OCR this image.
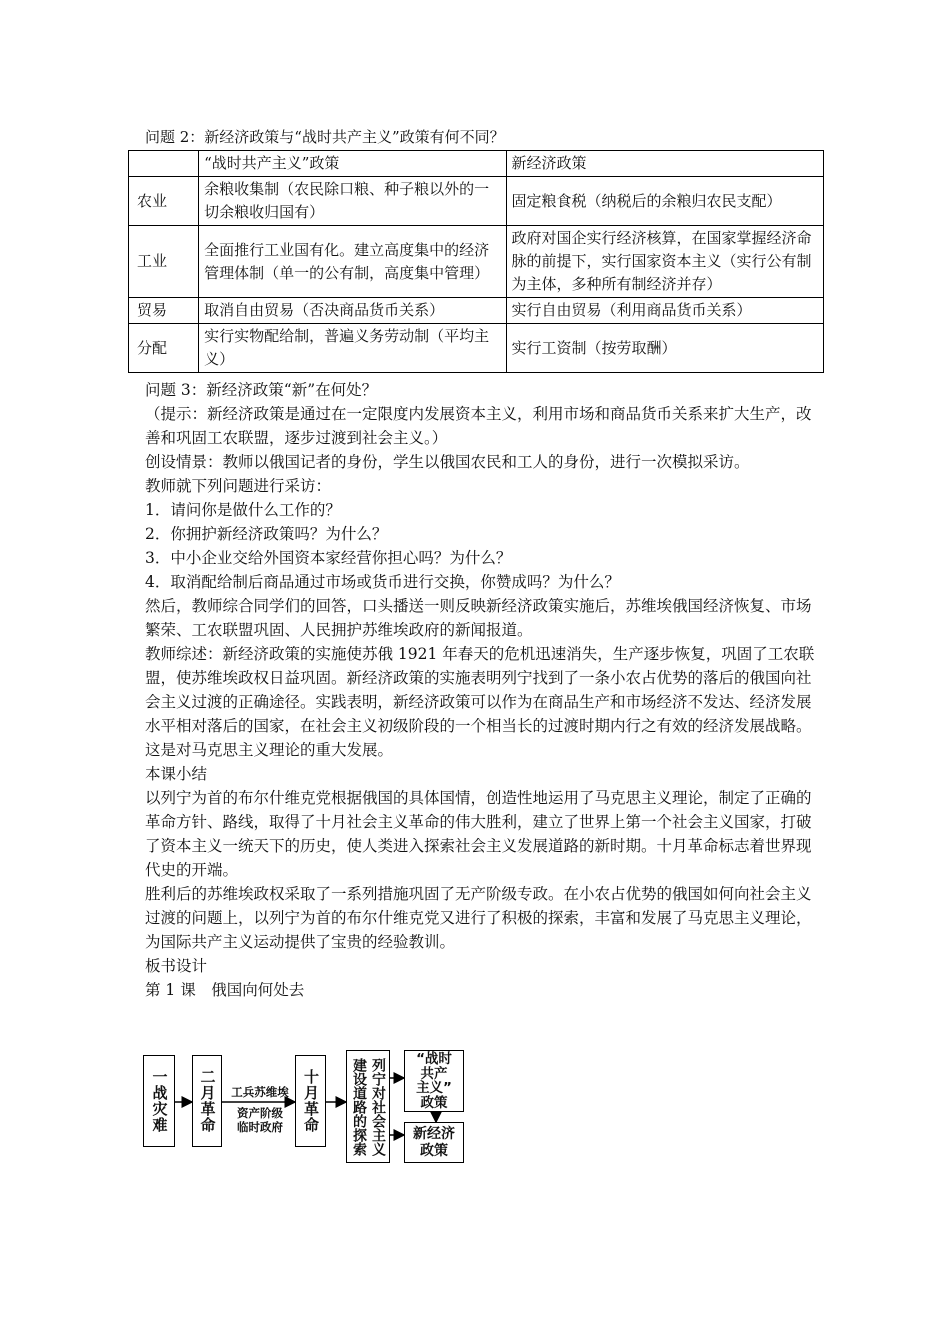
问题 2：新经济政策与“战时共产主义”政策有何不同？
	“战时共产主义”政策	新经济政策
农业	余粮收集制（农民除口粮、种子粮以外的一切余粮收归国有）	固定粮食税（纳税后的余粮归农民支配）
工业	全面推行工业国有化。建立高度集中的经济管理体制（单一的公有制，高度集中管理）	政府对国企实行经济核算，在国家掌握经济命脉的前提下，实行国家资本主义（实行公有制为主体，多种所有制经济并存）
贸易	取消自由贸易（否决商品货币关系）	实行自由贸易（利用商品货币关系）
分配	实行实物配给制，普遍义务劳动制（平均主义）	实行工资制（按劳取酬）

问题 3：新经济政策“新”在何处？

（提示：新经济政策是通过在一定限度内发展资本主义，利用市场和商品货币关系来扩大生产，改善和巩固工农联盟，逐步过渡到社会主义。）

创设情景：教师以俄国记者的身份，学生以俄国农民和工人的身份，进行一次模拟采访。

教师就下列问题进行采访：

1．请问你是做什么工作的？

2．你拥护新经济政策吗？为什么？

3．中小企业交给外国资本家经营你担心吗？为什么？

4．取消配给制后商品通过市场或货币进行交换，你赞成吗？为什么？

然后，教师综合同学们的回答，口头播送一则反映新经济政策实施后，苏维埃俄国经济恢复、市场繁荣、工农联盟巩固、人民拥护苏维埃政府的新闻报道。

教师综述：新经济政策的实施使苏俄 1921 年春天的危机迅速消失，生产逐步恢复，巩固了工农联盟，使苏维埃政权日益巩固。新经济政策的实施表明列宁找到了一条小农占优势的落后的俄国向社会主义过渡的正确途径。实践表明，新经济政策可以作为在商品生产和市场经济不发达、经济发展水平相对落后的国家，在社会主义初级阶段的一个相当长的过渡时期内行之有效的经济发展战略。这是对马克思主义理论的重大发展。

本课小结

以列宁为首的布尔什维克党根据俄国的具体国情，创造性地运用了马克思主义理论，制定了正确的革命方针、路线，取得了十月社会主义革命的伟大胜利，建立了世界上第一个社会主义国家，打破了资本主义一统天下的历史，使人类进入探索社会主义发展道路的新时期。十月革命标志着世界现代史的开端。

胜利后的苏维埃政权采取了一系列措施巩固了无产阶级专政。在小农占优势的俄国如何向社会主义过渡的问题上，以列宁为首的布尔什维克党又进行了积极的探索，丰富和发展了马克思主义理论，为国际共产主义运动提供了宝贵的经验教训。

板书设计

第 1 课　俄国向何处去

一战灾难 二月革命	工兵苏维埃
资产阶级
临时政府	十月革命	列宁对社会主义建设道路的探索	“战时
共产
主义”
政策
新经济
政策
